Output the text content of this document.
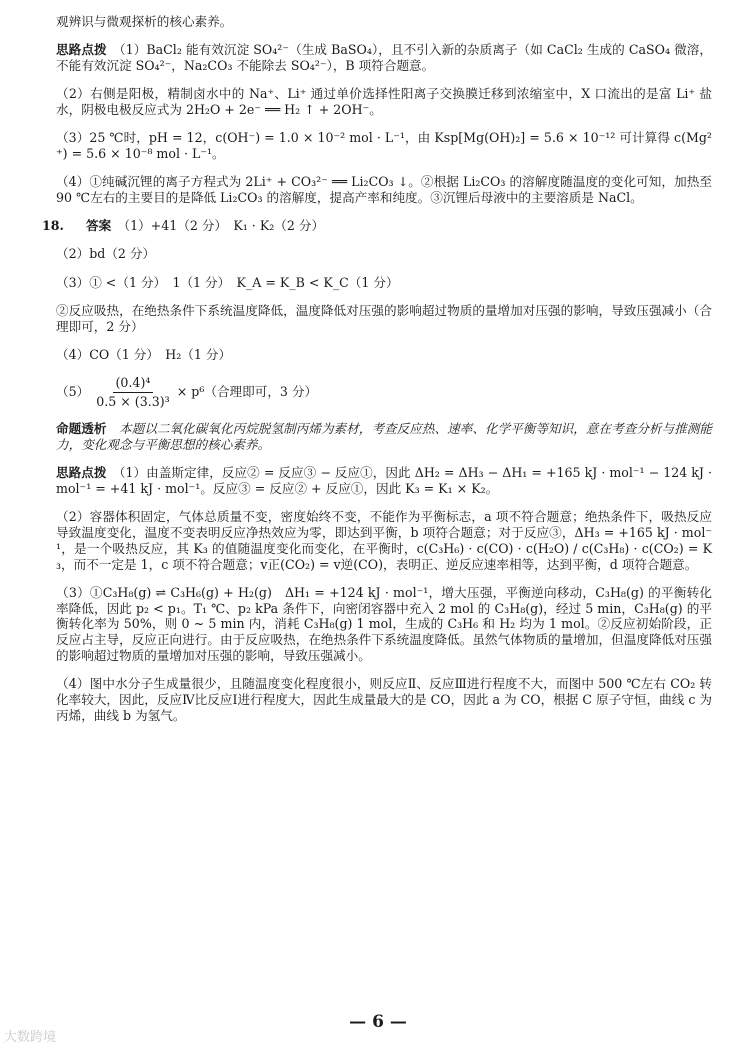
观辨识与微观探析的核心素养。

思路点拨　 （1）BaCl₂ 能有效沉淀 SO₄²⁻（生成 BaSO₄），且不引入新的杂质离子（如 CaCl₂ 生成的 CaSO₄ 微溶，不能有效沉淀 SO₄²⁻，Na₂CO₃ 不能除去 SO₄²⁻），B 项符合题意。

（2）右侧是阳极，精制卤水中的 Na⁺、Li⁺ 通过单价选择性阳离子交换膜迁移到浓缩室中，X 口流出的是富 Li⁺ 盐水，阴极电极反应式为 2H₂O + 2e⁻ ══ H₂ ↑ + 2OH⁻。

（3）25 ℃时，pH = 12，c(OH⁻) = 1.0 × 10⁻² mol · L⁻¹，由 Ksp[Mg(OH)₂] = 5.6 × 10⁻¹² 可计算得 c(Mg²⁺) = 5.6 × 10⁻⁸ mol · L⁻¹。

（4）①纯碱沉锂的离子方程式为 2Li⁺ + CO₃²⁻ ══ Li₂CO₃ ↓。②根据 Li₂CO₃ 的溶解度随温度的变化可知，加热至 90 ℃左右的主要目的是降低 Li₂CO₃ 的溶解度，提高产率和纯度。③沉锂后母液中的主要溶质是 NaCl。

18.	答案　 （1）+41（2 分）　K₁ · K₂（2 分）

（2）bd（2 分）

（3）① <（1 分）　1（1 分）　K_A = K_B < K_C（1 分）

②反应吸热，在绝热条件下系统温度降低，温度降低对压强的影响超过物质的量增加对压强的影响，导致压强减小（合理即可，2 分）

（4）CO（1 分）　H₂（1 分）

$(5) \frac{\text{(0.4)⁴}}{\text{0.5 × (3.3)³}} \times p^6$（合理即可，3 分）

命题透析　 本题以二氧化碳氧化丙烷脱氢制丙烯为素材，考查反应热、速率、化学平衡等知识，意在考查分析与推测能力，变化观念与平衡思想的核心素养。

思路点拨　 （1）由盖斯定律，反应② = 反应③ − 反应①，因此 ΔH₂ = ΔH₃ − ΔH₁ = +165 kJ · mol⁻¹ − 124 kJ · mol⁻¹ = +41 kJ · mol⁻¹。反应③ = 反应② + 反应①，因此 K₃ = K₁ × K₂。

（2）容器体积固定，气体总质量不变，密度始终不变，不能作为平衡标志，a 项不符合题意；绝热条件下，吸热反应导致温度变化，温度不变表明反应净热效应为零，即达到平衡，b 项符合题意；对于反应③，ΔH₃ = +165 kJ · mol⁻¹，是一个吸热反应，其 K₃ 的值随温度变化而变化，在平衡时，c(C₃H₆) · c(CO) · c(H₂O) / c(C₃H₈) · c(CO₂) = K₃，而不一定是 1，c 项不符合题意；v正(CO₂) = v逆(CO)，表明正、逆反应速率相等，达到平衡，d 项符合题意。

（3）①C₃H₈(g) ⇌ C₃H₆(g) + H₂(g)　ΔH₁ = +124 kJ · mol⁻¹，增大压强，平衡逆向移动，C₃H₈(g) 的平衡转化率降低，因此 p₂ < p₁。T₁ ℃、p₂ kPa 条件下，向密闭容器中充入 2 mol 的 C₃H₈(g)，经过 5 min，C₃H₈(g) 的平衡转化率为 50%，则 0 ~ 5 min 内，消耗 C₃H₈(g) 1 mol，生成的 C₃H₆ 和 H₂ 均为 1 mol。②反应初始阶段，正反应占主导，反应正向进行。由于反应吸热，在绝热条件下系统温度降低。虽然气体物质的量增加，但温度降低对压强的影响超过物质的量增加对压强的影响，导致压强减小。

（4）图中水分子生成量很少，且随温度变化程度很小，则反应Ⅱ、反应Ⅲ进行程度不大，而图中 500 ℃左右 CO₂ 转化率较大，因此，反应Ⅳ比反应Ⅰ进行程度大，因此生成量最大的是 CO，因此 a 为 CO，根据 C 原子守恒，曲线 c 为丙烯，曲线 b 为氢气。

— 6 —
大数跨境
